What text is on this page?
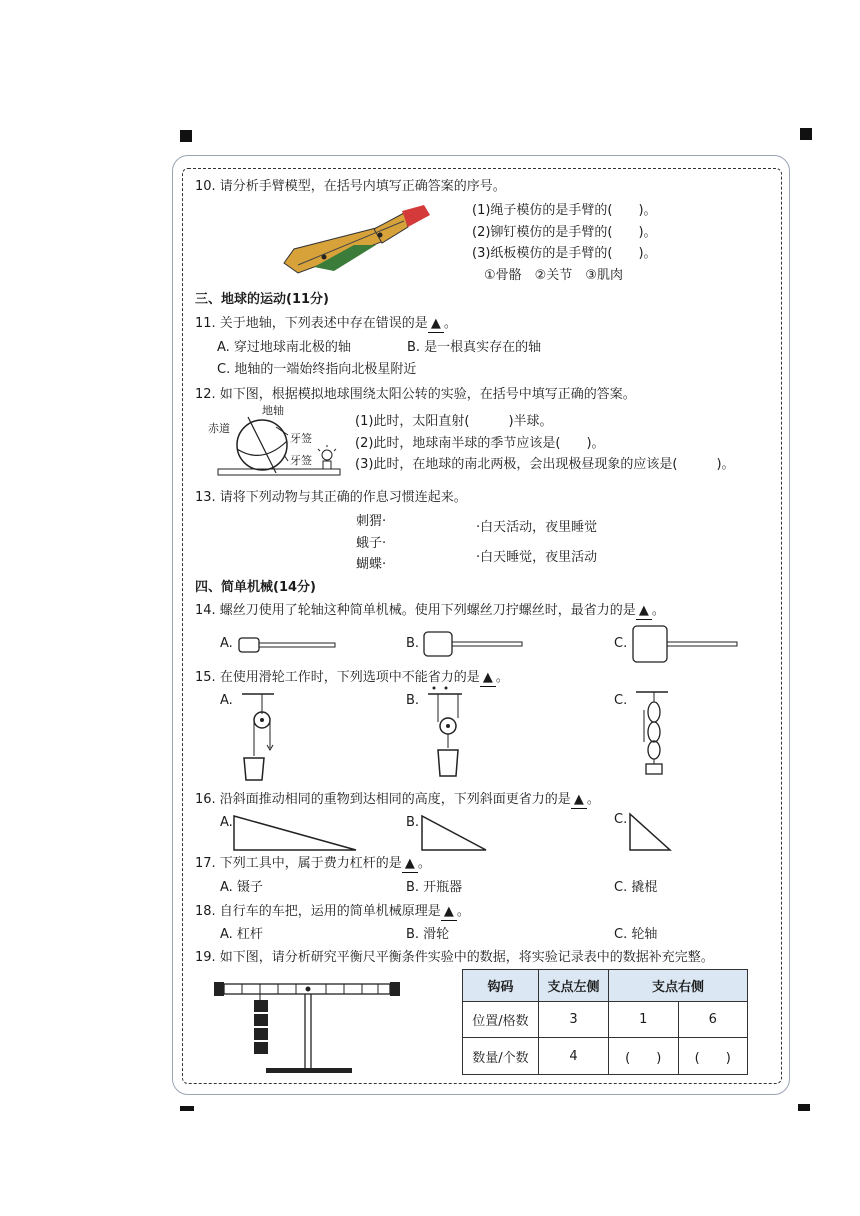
10. 请分析手臂模型，在括号内填写正确答案的序号。
(1)绳子模仿的是手臂的(　　)。
(2)铆钉模仿的是手臂的(　　)。
(3)纸板模仿的是手臂的(　　)。
①骨骼　②关节　③肌肉
三、地球的运动(11分)
11. 关于地轴，下列表述中存在错误的是 ▲ 。
A. 穿过地球南北极的轴	B. 是一根真实存在的轴
C. 地轴的一端始终指向北极星附近
12. 如下图，根据模拟地球围绕太阳公转的实验，在括号中填写正确的答案。
地轴
赤道
牙签
牙签
(1)此时，太阳直射(　　　)半球。
(2)此时，地球南半球的季节应该是(　　)。
(3)此时，在地球的南北两极，会出现极昼现象的应该是(　　　)。
13. 请将下列动物与其正确的作息习惯连起来。
刺猬·
蛾子·
蝴蝶·
·白天活动，夜里睡觉
·白天睡觉，夜里活动
四、简单机械(14分)
14. 螺丝刀使用了轮轴这种简单机械。使用下列螺丝刀拧螺丝时，最省力的是 ▲ 。
A.	B.	C.
15. 在使用滑轮工作时，下列选项中不能省力的是 ▲ 。
A.	B.	C.
16. 沿斜面推动相同的重物到达相同的高度，下列斜面更省力的是 ▲ 。
A.	B.	C.
17. 下列工具中，属于费力杠杆的是 ▲ 。
A. 镊子	B. 开瓶器	C. 撬棍
18. 自行车的车把，运用的简单机械原理是 ▲ 。
A. 杠杆	B. 滑轮	C. 轮轴
19. 如下图，请分析研究平衡尺平衡条件实验中的数据，将实验记录表中的数据补充完整。
钩码	支点左侧	支点右侧	
位置/格数	3	1	6
数量/个数	4	(　　)	(　　)
